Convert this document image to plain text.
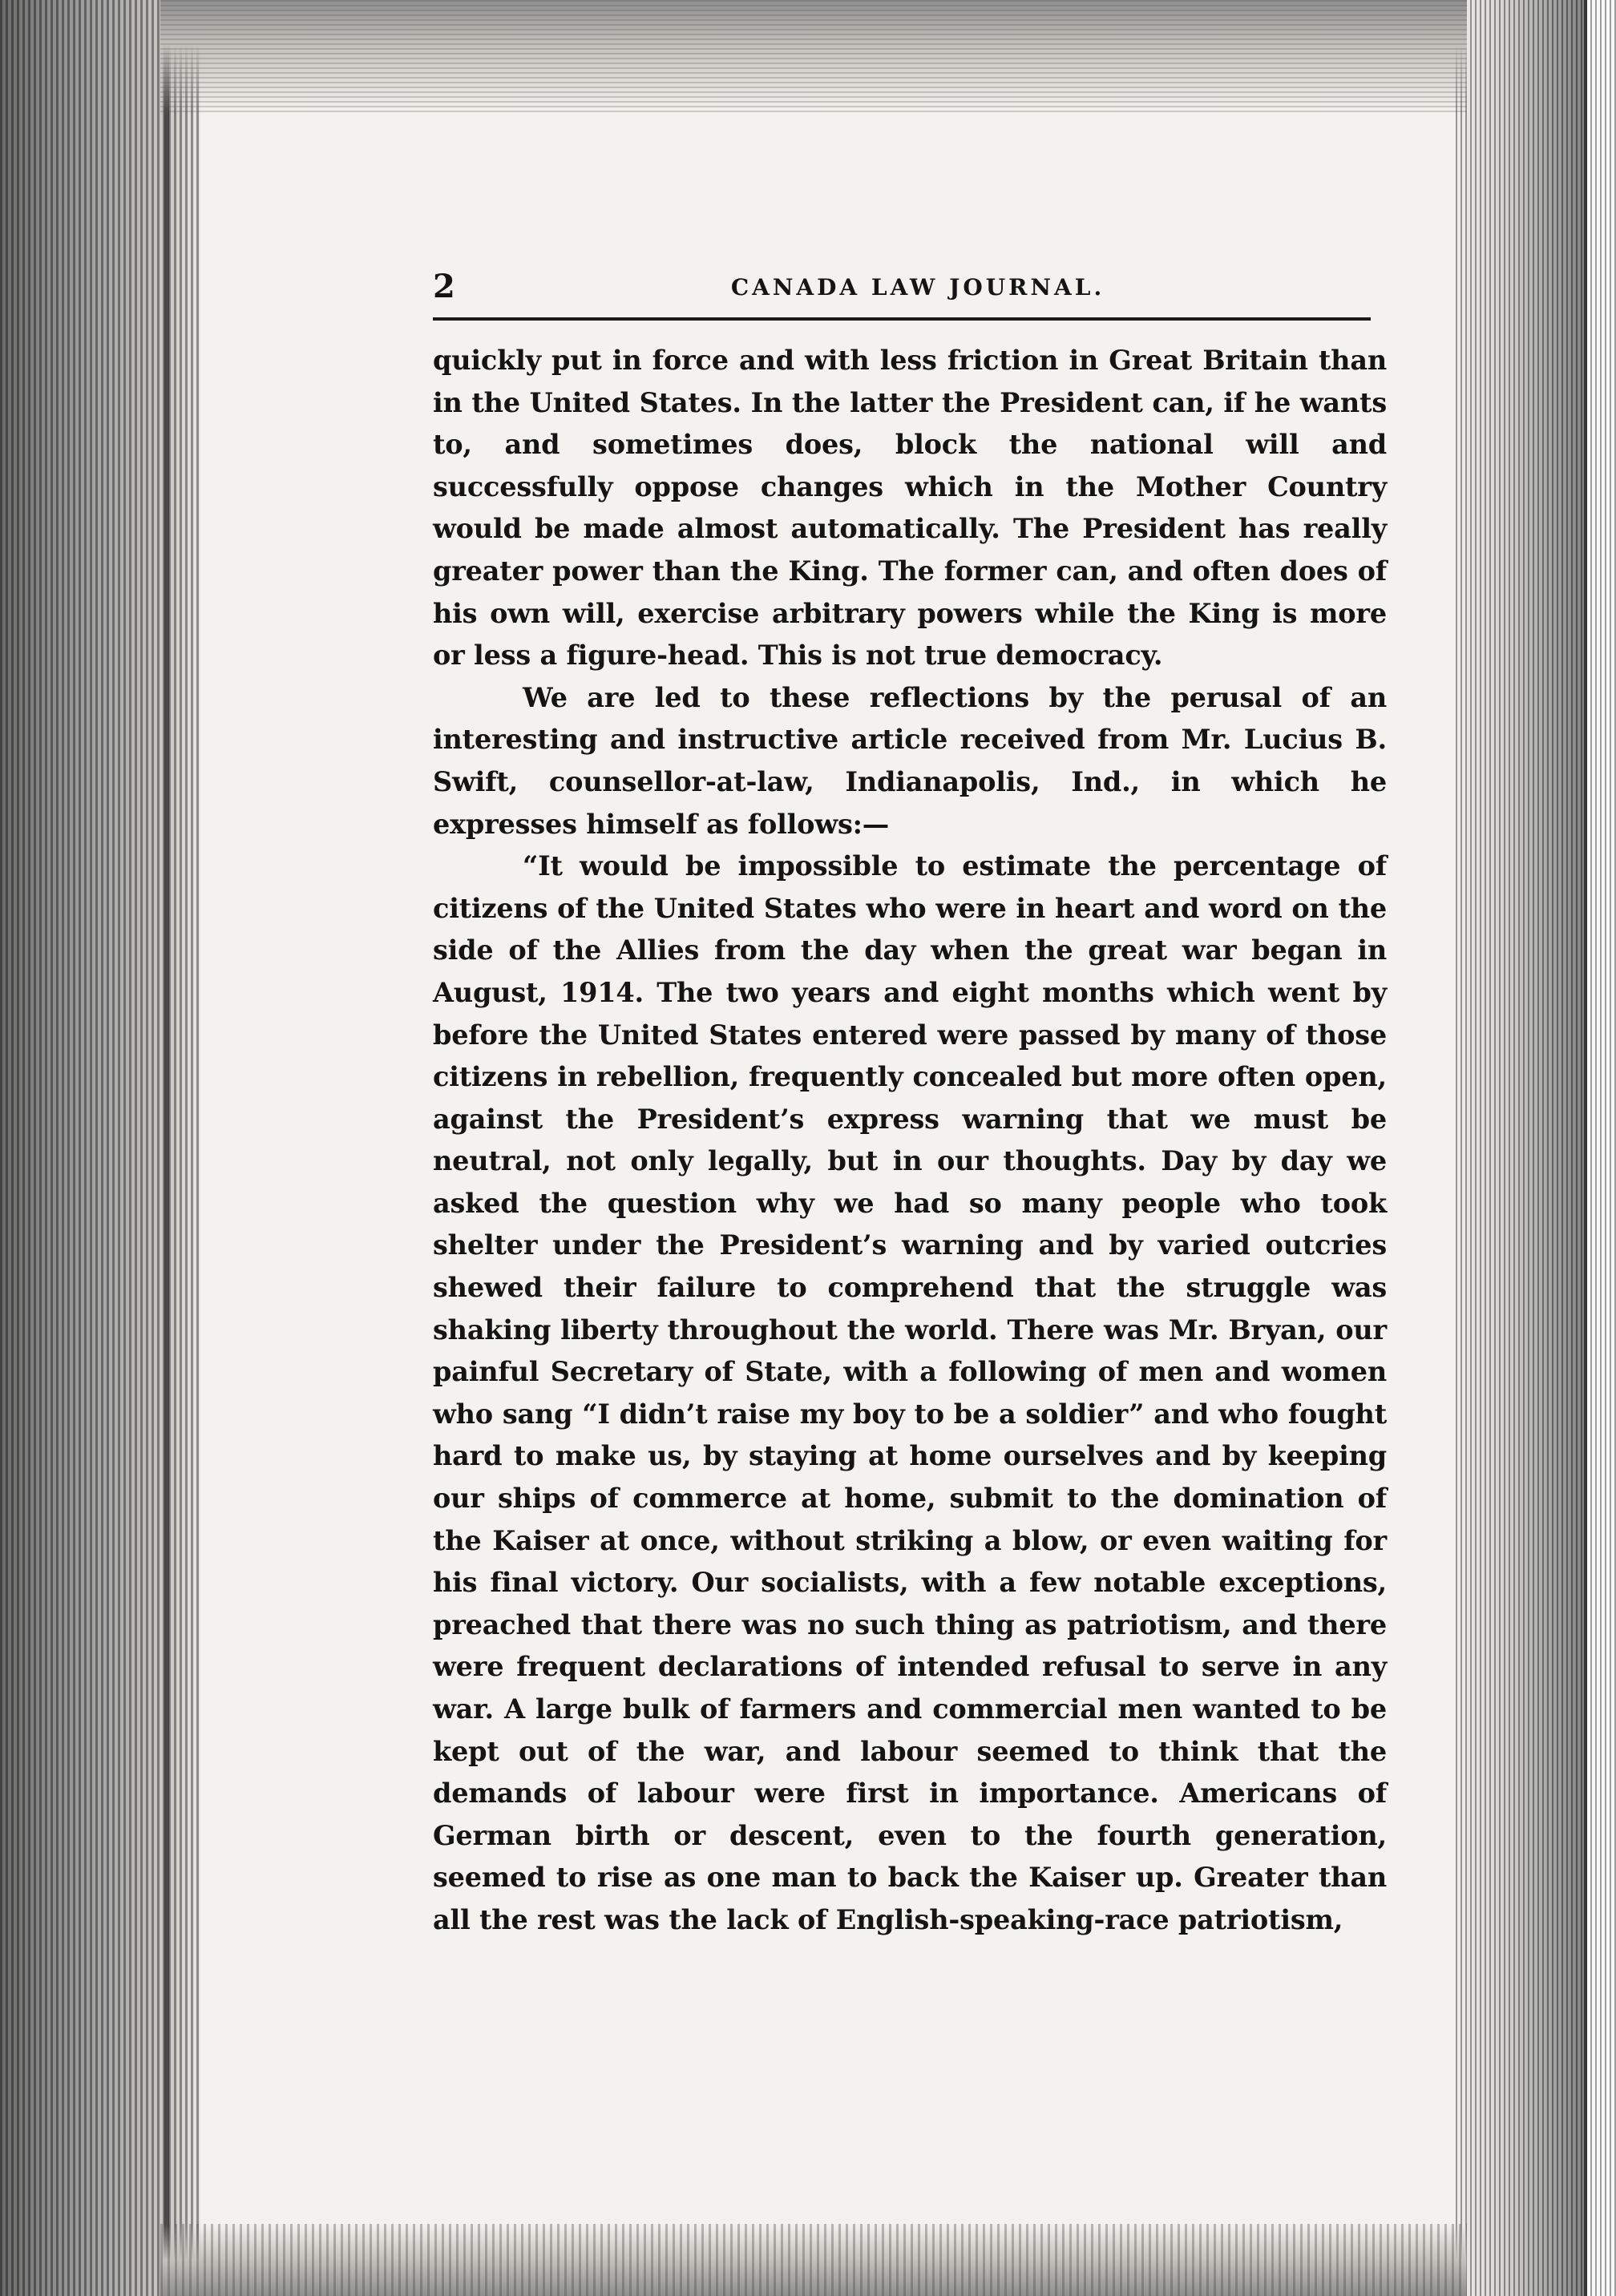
2	CANADA LAW JOURNAL.

quickly put in force and with less friction in Great Britain than in the United States. In the latter the President can, if he wants to, and sometimes does, block the national will and successfully oppose changes which in the Mother Country would be made almost automatically. The President has really greater power than the King. The former can, and often does of his own will, exercise arbitrary powers while the King is more or less a figure-head. This is not true democracy.

We are led to these reflections by the perusal of an interesting and instructive article received from Mr. Lucius B. Swift, counsellor-at-law, Indianapolis, Ind., in which he expresses himself as follows:—

“It would be impossible to estimate the percentage of citizens of the United States who were in heart and word on the side of the Allies from the day when the great war began in August, 1914. The two years and eight months which went by before the United States entered were passed by many of those citizens in rebellion, frequently concealed but more often open, against the President’s express warning that we must be neutral, not only legally, but in our thoughts. Day by day we asked the question why we had so many people who took shelter under the President’s warning and by varied outcries shewed their failure to comprehend that the struggle was shaking liberty throughout the world. There was Mr. Bryan, our painful Secretary of State, with a following of men and women who sang “I didn’t raise my boy to be a soldier” and who fought hard to make us, by staying at home ourselves and by keeping our ships of commerce at home, submit to the domination of the Kaiser at once, without striking a blow, or even waiting for his final victory. Our socialists, with a few notable exceptions, preached that there was no such thing as patriotism, and there were frequent declarations of intended refusal to serve in any war. A large bulk of farmers and commercial men wanted to be kept out of the war, and labour seemed to think that the demands of labour were first in importance. Americans of German birth or descent, even to the fourth generation, seemed to rise as one man to back the Kaiser up. Greater than all the rest was the lack of English-speaking-race patriotism,
